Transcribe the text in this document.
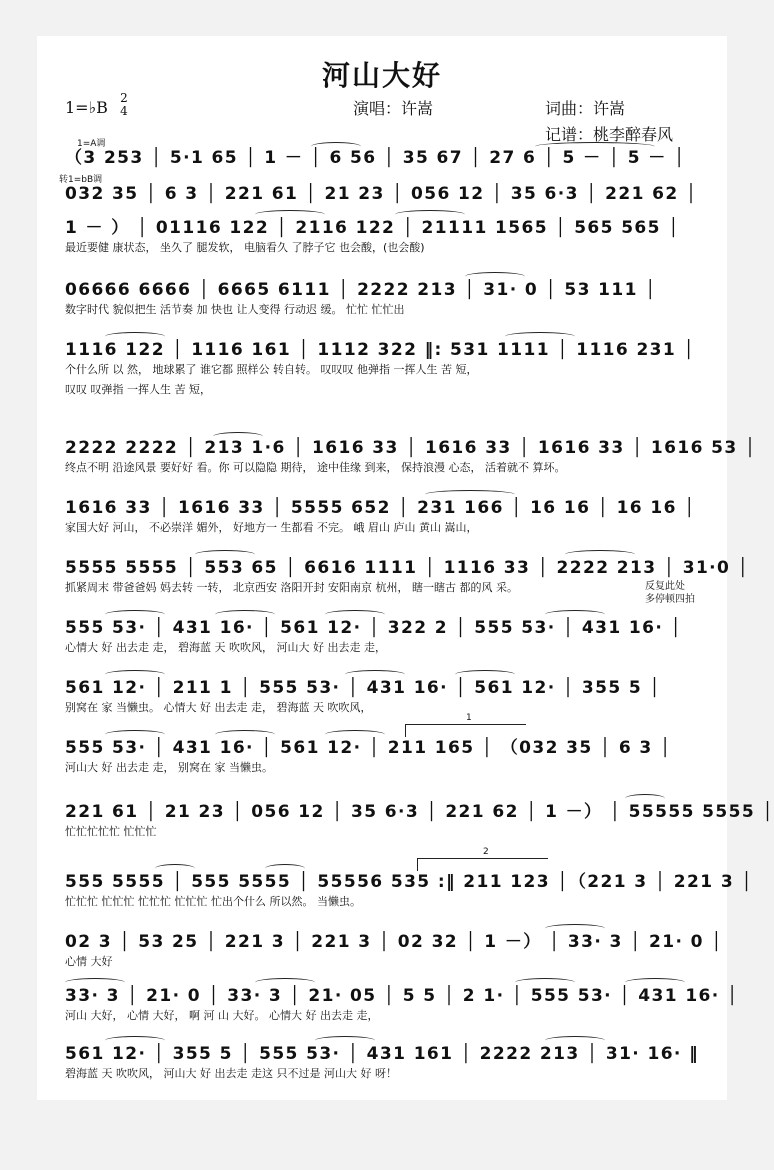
河山大好
1=♭B 2
4	演唱：许嵩	词曲：许嵩
记谱：桃李醉春风
1=A调
转1=bB调
反复此处
多停顿四拍
（3 253 │ 5·1 65 │ 1 － │ 6 56 │ 35 67 │ 27 6 │ 5 － │ 5 － │
032 35 │ 6 3 │ 221 61 │ 21 23 │ 056 12 │ 35 6·3 │ 221 62 │
1 － ） │ 01116 122 │ 2116 122 │ 21111 1565 │ 565 565 │
最近要健 康状态， 坐久了 腿发软， 电脑看久 了脖子它 也会酸，(也会酸)
06666 6666 │ 6665 6111 │ 2222 213 │ 31· 0 │ 53 111 │
数字时代 貌似把生 活节奏 加 快也 让人变得 行动迟 缓。 忙忙 忙忙出
1116 122 │ 1116 161 │ 1112 322 ‖: 531 1111 │ 1116 231 │
个什么所 以 然， 地球累了 谁它都 照样公 转自转。 叹叹叹 他弹指 一挥人生 苦 短，
叹叹 叹弹指 一挥人生 苦 短，
2222 2222 │ 213 1·6 │ 1616 33 │ 1616 33 │ 1616 33 │ 1616 53 │
终点不明 沿途风景 要好好 看。你 可以隐隐 期待， 途中佳缘 到来， 保持浪漫 心态， 活着就不 算坏。
1616 33 │ 1616 33 │ 5555 652 │ 231 166 │ 16 16 │ 16 16 │
家国大好 河山， 不必崇洋 媚外， 好地方一 生都看 不完。 峨 眉山 庐山 黄山 嵩山，
5555 5555 │ 553 65 │ 6616 1111 │ 1116 33 │ 2222 213 │ 31·0 │
抓紧周末 带爸爸妈 妈去转 一转， 北京西安 洛阳开封 安阳南京 杭州， 瞎一瞎古 都的风 采。
555 53· │ 431 16· │ 561 12· │ 322 2 │ 555 53· │ 431 16· │
心情大 好 出去走 走， 碧海蓝 天 吹吹风， 河山大 好 出去走 走，
561 12· │ 211 1 │ 555 53· │ 431 16· │ 561 12· │ 355 5 │
别窝在 家 当懒虫。 心情大 好 出去走 走， 碧海蓝 天 吹吹风，
555 53· │ 431 16· │ 561 12· │ 211 165 │ （032 35 │ 6 3 │
河山大 好 出去走 走， 别窝在 家 当懒虫。
1
221 61 │ 21 23 │ 056 12 │ 35 6·3 │ 221 62 │ 1 －） │ 55555 5555 │
忙忙忙忙忙 忙忙忙
555 5555 │ 555 5555 │ 55556 535 :‖ 211 123 │（221 3 │ 221 3 │
忙忙忙 忙忙忙 忙忙忙 忙忙忙 忙出个什么 所以然。 当懒虫。
2
02 3 │ 53 25 │ 221 3 │ 221 3 │ 02 32 │ 1 －） │ 33· 3 │ 21· 0 │
心情 大好
33· 3 │ 21· 0 │ 33· 3 │ 21· 05 │ 5 5 │ 2 1· │ 555 53· │ 431 16· │
河山 大好， 心情 大好， 啊 河 山 大好。 心情大 好 出去走 走，
561 12· │ 355 5 │ 555 53· │ 431 161 │ 2222 213 │ 31· 16· ‖
碧海蓝 天 吹吹风， 河山大 好 出去走 走这 只不过是 河山大 好 呀！
